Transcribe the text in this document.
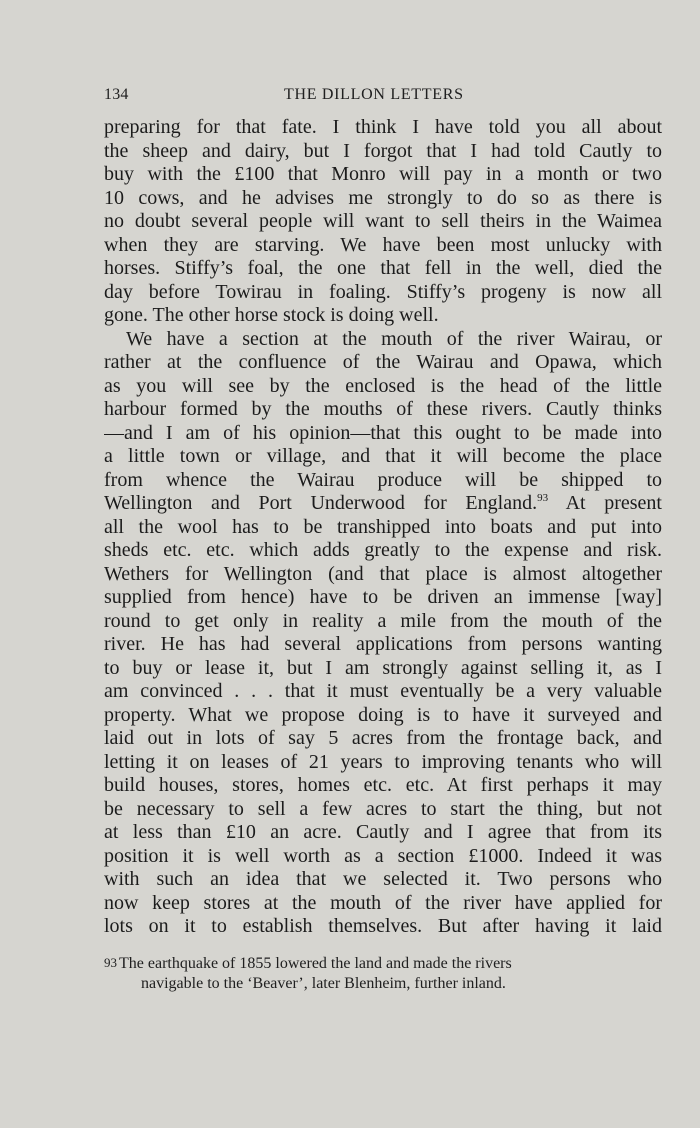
134	THE DILLON LETTERS
preparing for that fate. I think I have told you all about
the sheep and dairy, but I forgot that I had told Cautly to
buy with the £100 that Monro will pay in a month or two
10 cows, and he advises me strongly to do so as there is
no doubt several people will want to sell theirs in the Waimea
when they are starving. We have been most unlucky with
horses. Stiffy’s foal, the one that fell in the well, died the
day before Towirau in foaling. Stiffy’s progeny is now all
gone. The other horse stock is doing well.
We have a section at the mouth of the river Wairau, or
rather at the confluence of the Wairau and Opawa, which
as you will see by the enclosed is the head of the little
harbour formed by the mouths of these rivers. Cautly thinks
—and I am of his opinion—that this ought to be made into
a little town or village, and that it will become the place
from whence the Wairau produce will be shipped to
Wellington and Port Underwood for England.$^{93}$ At present
all the wool has to be transhipped into boats and put into
sheds etc. etc. which adds greatly to the expense and risk.
Wethers for Wellington (and that place is almost altogether
supplied from hence) have to be driven an immense [way]
round to get only in reality a mile from the mouth of the
river. He has had several applications from persons wanting
to buy or lease it, but I am strongly against selling it, as I
am convinced . . . that it must eventually be a very valuable
property. What we propose doing is to have it surveyed and
laid out in lots of say 5 acres from the frontage back, and
letting it on leases of 21 years to improving tenants who will
build houses, stores, homes etc. etc. At first perhaps it may
be necessary to sell a few acres to start the thing, but not
at less than £10 an acre. Cautly and I agree that from its
position it is well worth as a section £1000. Indeed it was
with such an idea that we selected it. Two persons who
now keep stores at the mouth of the river have applied for
lots on it to establish themselves. But after having it laid
93 The earthquake of 1855 lowered the land and made the rivers
navigable to the ‘Beaver’, later Blenheim, further inland.
